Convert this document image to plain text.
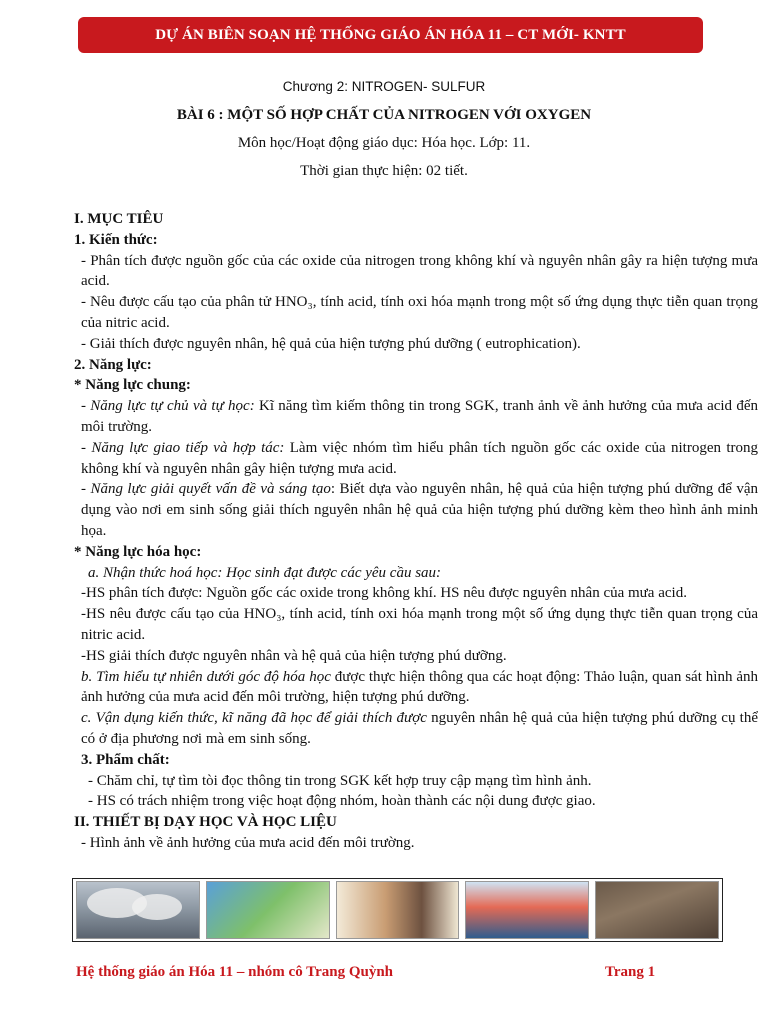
DỰ ÁN BIÊN SOẠN HỆ THỐNG GIÁO ÁN HÓA 11 – CT MỚI- KNTT
Chương 2: NITROGEN- SULFUR
BÀI 6 : MỘT SỐ HỢP CHẤT CỦA NITROGEN VỚI OXYGEN
Môn học/Hoạt động giáo dục: Hóa học. Lớp: 11.
Thời gian thực hiện: 02 tiết.

I. MỤC TIÊU

1. Kiến thức:

- Phân tích được nguồn gốc của các oxide của nitrogen trong không khí và nguyên nhân gây ra hiện tượng mưa acid.

- Nêu được cấu tạo của phân tử HNO₃, tính acid, tính oxi hóa mạnh trong một số ứng dụng thực tiễn quan trọng của nitric acid.

- Giải thích được nguyên nhân, hệ quả của hiện tượng phú dưỡng ( eutrophication).

2. Năng lực:

* Năng lực chung:

- Năng lực tự chủ và tự học: Kĩ năng tìm kiếm thông tin trong SGK, tranh ảnh về ảnh hưởng của mưa acid đến môi trường.

- Năng lực giao tiếp và hợp tác: Làm việc nhóm tìm hiểu phân tích nguồn gốc các oxide của nitrogen trong không khí và nguyên nhân gây hiện tượng mưa acid.

- Năng lực giải quyết vấn đề và sáng tạo: Biết dựa vào nguyên nhân, hệ quả của hiện tượng phú dưỡng để vận dụng vào nơi em sinh sống giải thích nguyên nhân hệ quả của hiện tượng phú dưỡng kèm theo hình ảnh minh họa.

* Năng lực hóa học:

a. Nhận thức hoá học: Học sinh đạt được các yêu cầu sau:

-HS phân tích được: Nguồn gốc các oxide trong không khí. HS nêu được nguyên nhân của mưa acid.

-HS nêu được cấu tạo của HNO₃, tính acid, tính oxi hóa mạnh trong một số ứng dụng thực tiễn quan trọng của nitric acid.

-HS giải thích được nguyên nhân và hệ quả của hiện tượng phú dưỡng.

b. Tìm hiểu tự nhiên dưới góc độ hóa học được thực hiện thông qua các hoạt động: Thảo luận, quan sát hình ảnh ảnh hưởng của mưa acid đến môi trường, hiện tượng phú dưỡng.

c. Vận dụng kiến thức, kĩ năng đã học để giải thích được nguyên nhân hệ quả của hiện tượng phú dưỡng cụ thể có ở địa phương nơi mà em sinh sống.

3. Phẩm chất:

- Chăm chỉ, tự tìm tòi đọc thông tin trong SGK kết hợp truy cập mạng tìm hình ảnh.

- HS có trách nhiệm trong việc hoạt động nhóm, hoàn thành các nội dung được giao.

II. THIẾT BỊ DẠY HỌC VÀ HỌC LIỆU

- Hình ảnh về ảnh hưởng của mưa acid đến môi trường.

Hệ thống giáo án Hóa 11 – nhóm cô Trang Quỳnh	Trang 1
